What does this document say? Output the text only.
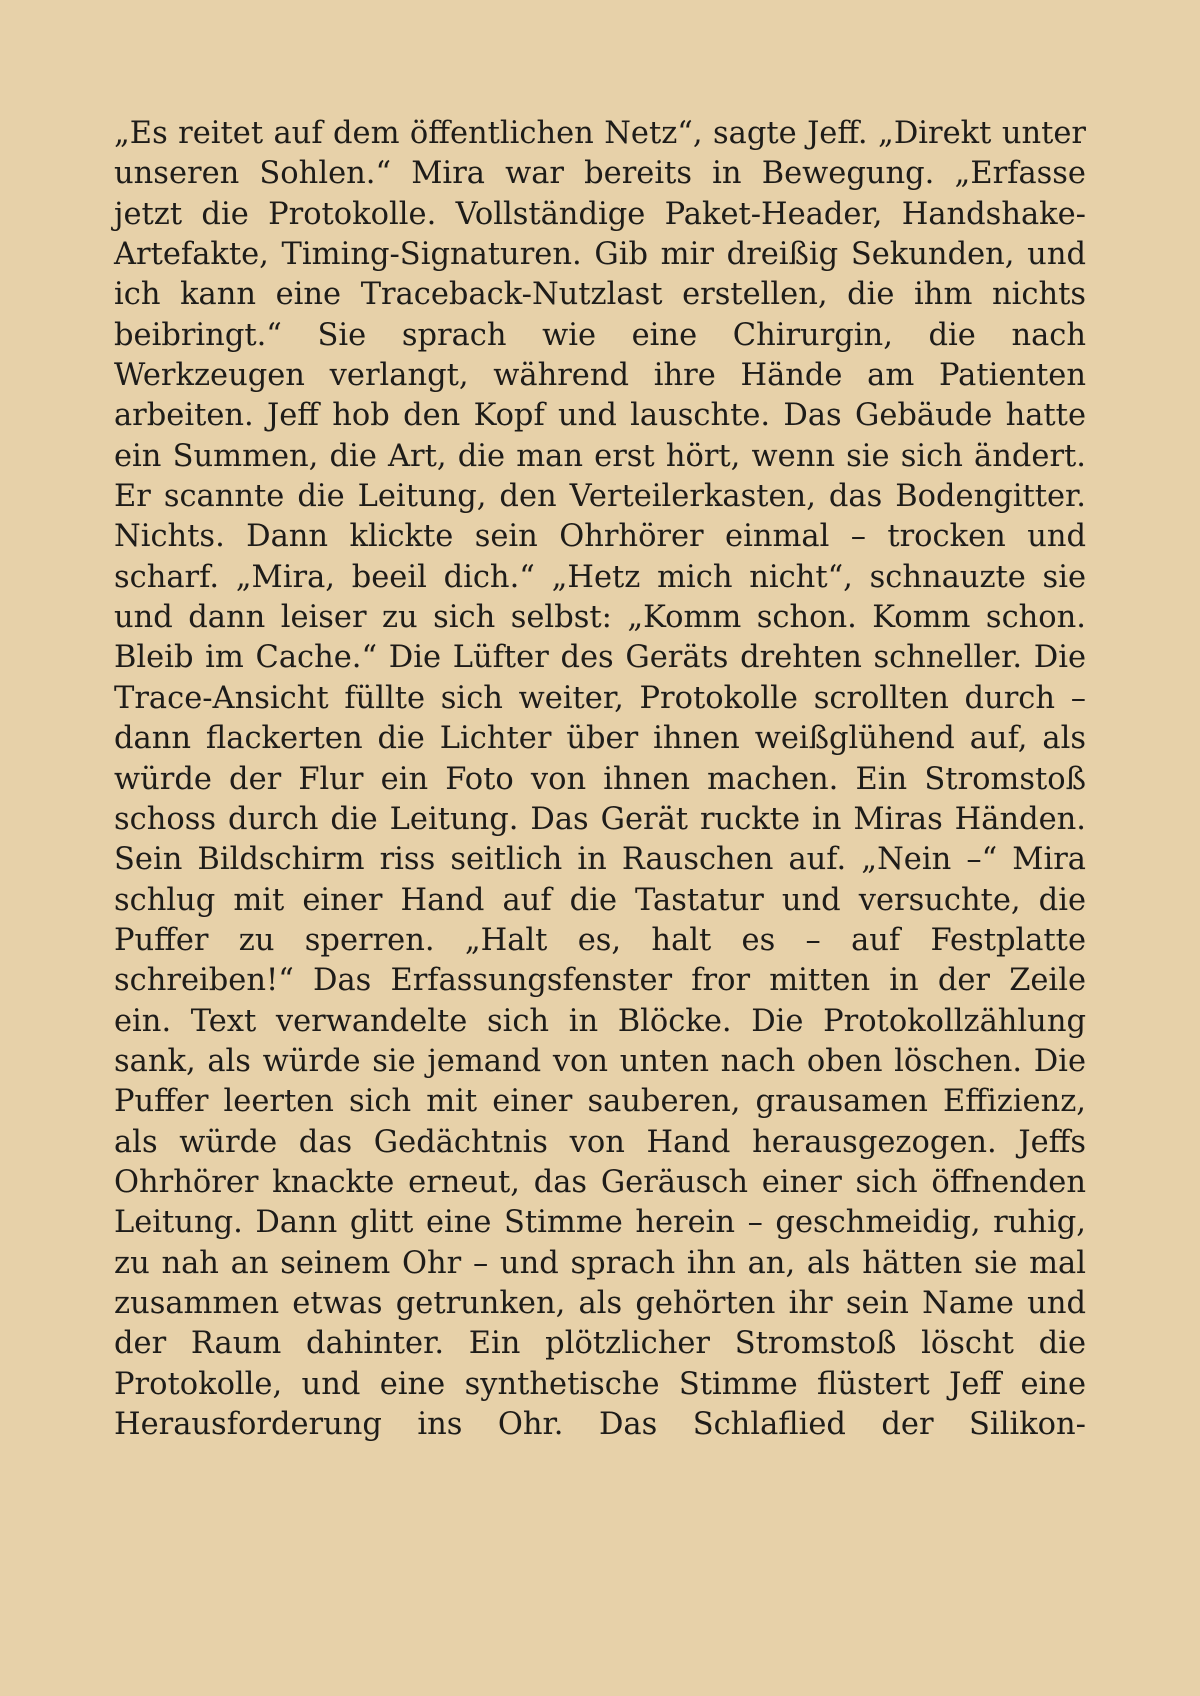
„Es reitet auf dem öffentlichen Netz“, sagte Jeff. „Direkt unter unseren Sohlen.“ Mira war bereits in Bewegung. „Erfasse jetzt die Protokolle. Vollständige Paket-Header, Handshake-Artefakte, Timing-Signaturen. Gib mir dreißig Sekunden, und ich kann eine Traceback-Nutzlast erstellen, die ihm nichts beibringt.“ Sie sprach wie eine Chirurgin, die nach Werkzeugen verlangt, während ihre Hände am Patienten arbeiten. Jeff hob den Kopf und lauschte. Das Gebäude hatte ein Summen, die Art, die man erst hört, wenn sie sich ändert. Er scannte die Leitung, den Verteilerkasten, das Bodengitter. Nichts. Dann klickte sein Ohrhörer einmal – trocken und scharf. „Mira, beeil dich.“ „Hetz mich nicht“, schnauzte sie und dann leiser zu sich selbst: „Komm schon. Komm schon. Bleib im Cache.“ Die Lüfter des Geräts drehten schneller. Die Trace-Ansicht füllte sich weiter, Protokolle scrollten durch – dann flackerten die Lichter über ihnen weißglühend auf, als würde der Flur ein Foto von ihnen machen. Ein Stromstoß schoss durch die Leitung. Das Gerät ruckte in Miras Händen. Sein Bildschirm riss seitlich in Rauschen auf. „Nein –“ Mira schlug mit einer Hand auf die Tastatur und versuchte, die Puffer zu sperren. „Halt es, halt es – auf Festplatte schreiben!“ Das Erfassungsfenster fror mitten in der Zeile ein. Text verwandelte sich in Blöcke. Die Protokollzählung sank, als würde sie jemand von unten nach oben löschen. Die Puffer leerten sich mit einer sauberen, grausamen Effizienz, als würde das Gedächtnis von Hand herausgezogen. Jeffs Ohrhörer knackte erneut, das Geräusch einer sich öffnenden Leitung. Dann glitt eine Stimme herein – geschmeidig, ruhig, zu nah an seinem Ohr – und sprach ihn an, als hätten sie mal zusammen etwas getrunken, als gehörten ihr sein Name und der Raum dahinter. Ein plötzlicher Stromstoß löscht die Protokolle, und eine synthetische Stimme flüstert Jeff eine Herausforderung ins Ohr. Das Schlaflied der Silikon-
